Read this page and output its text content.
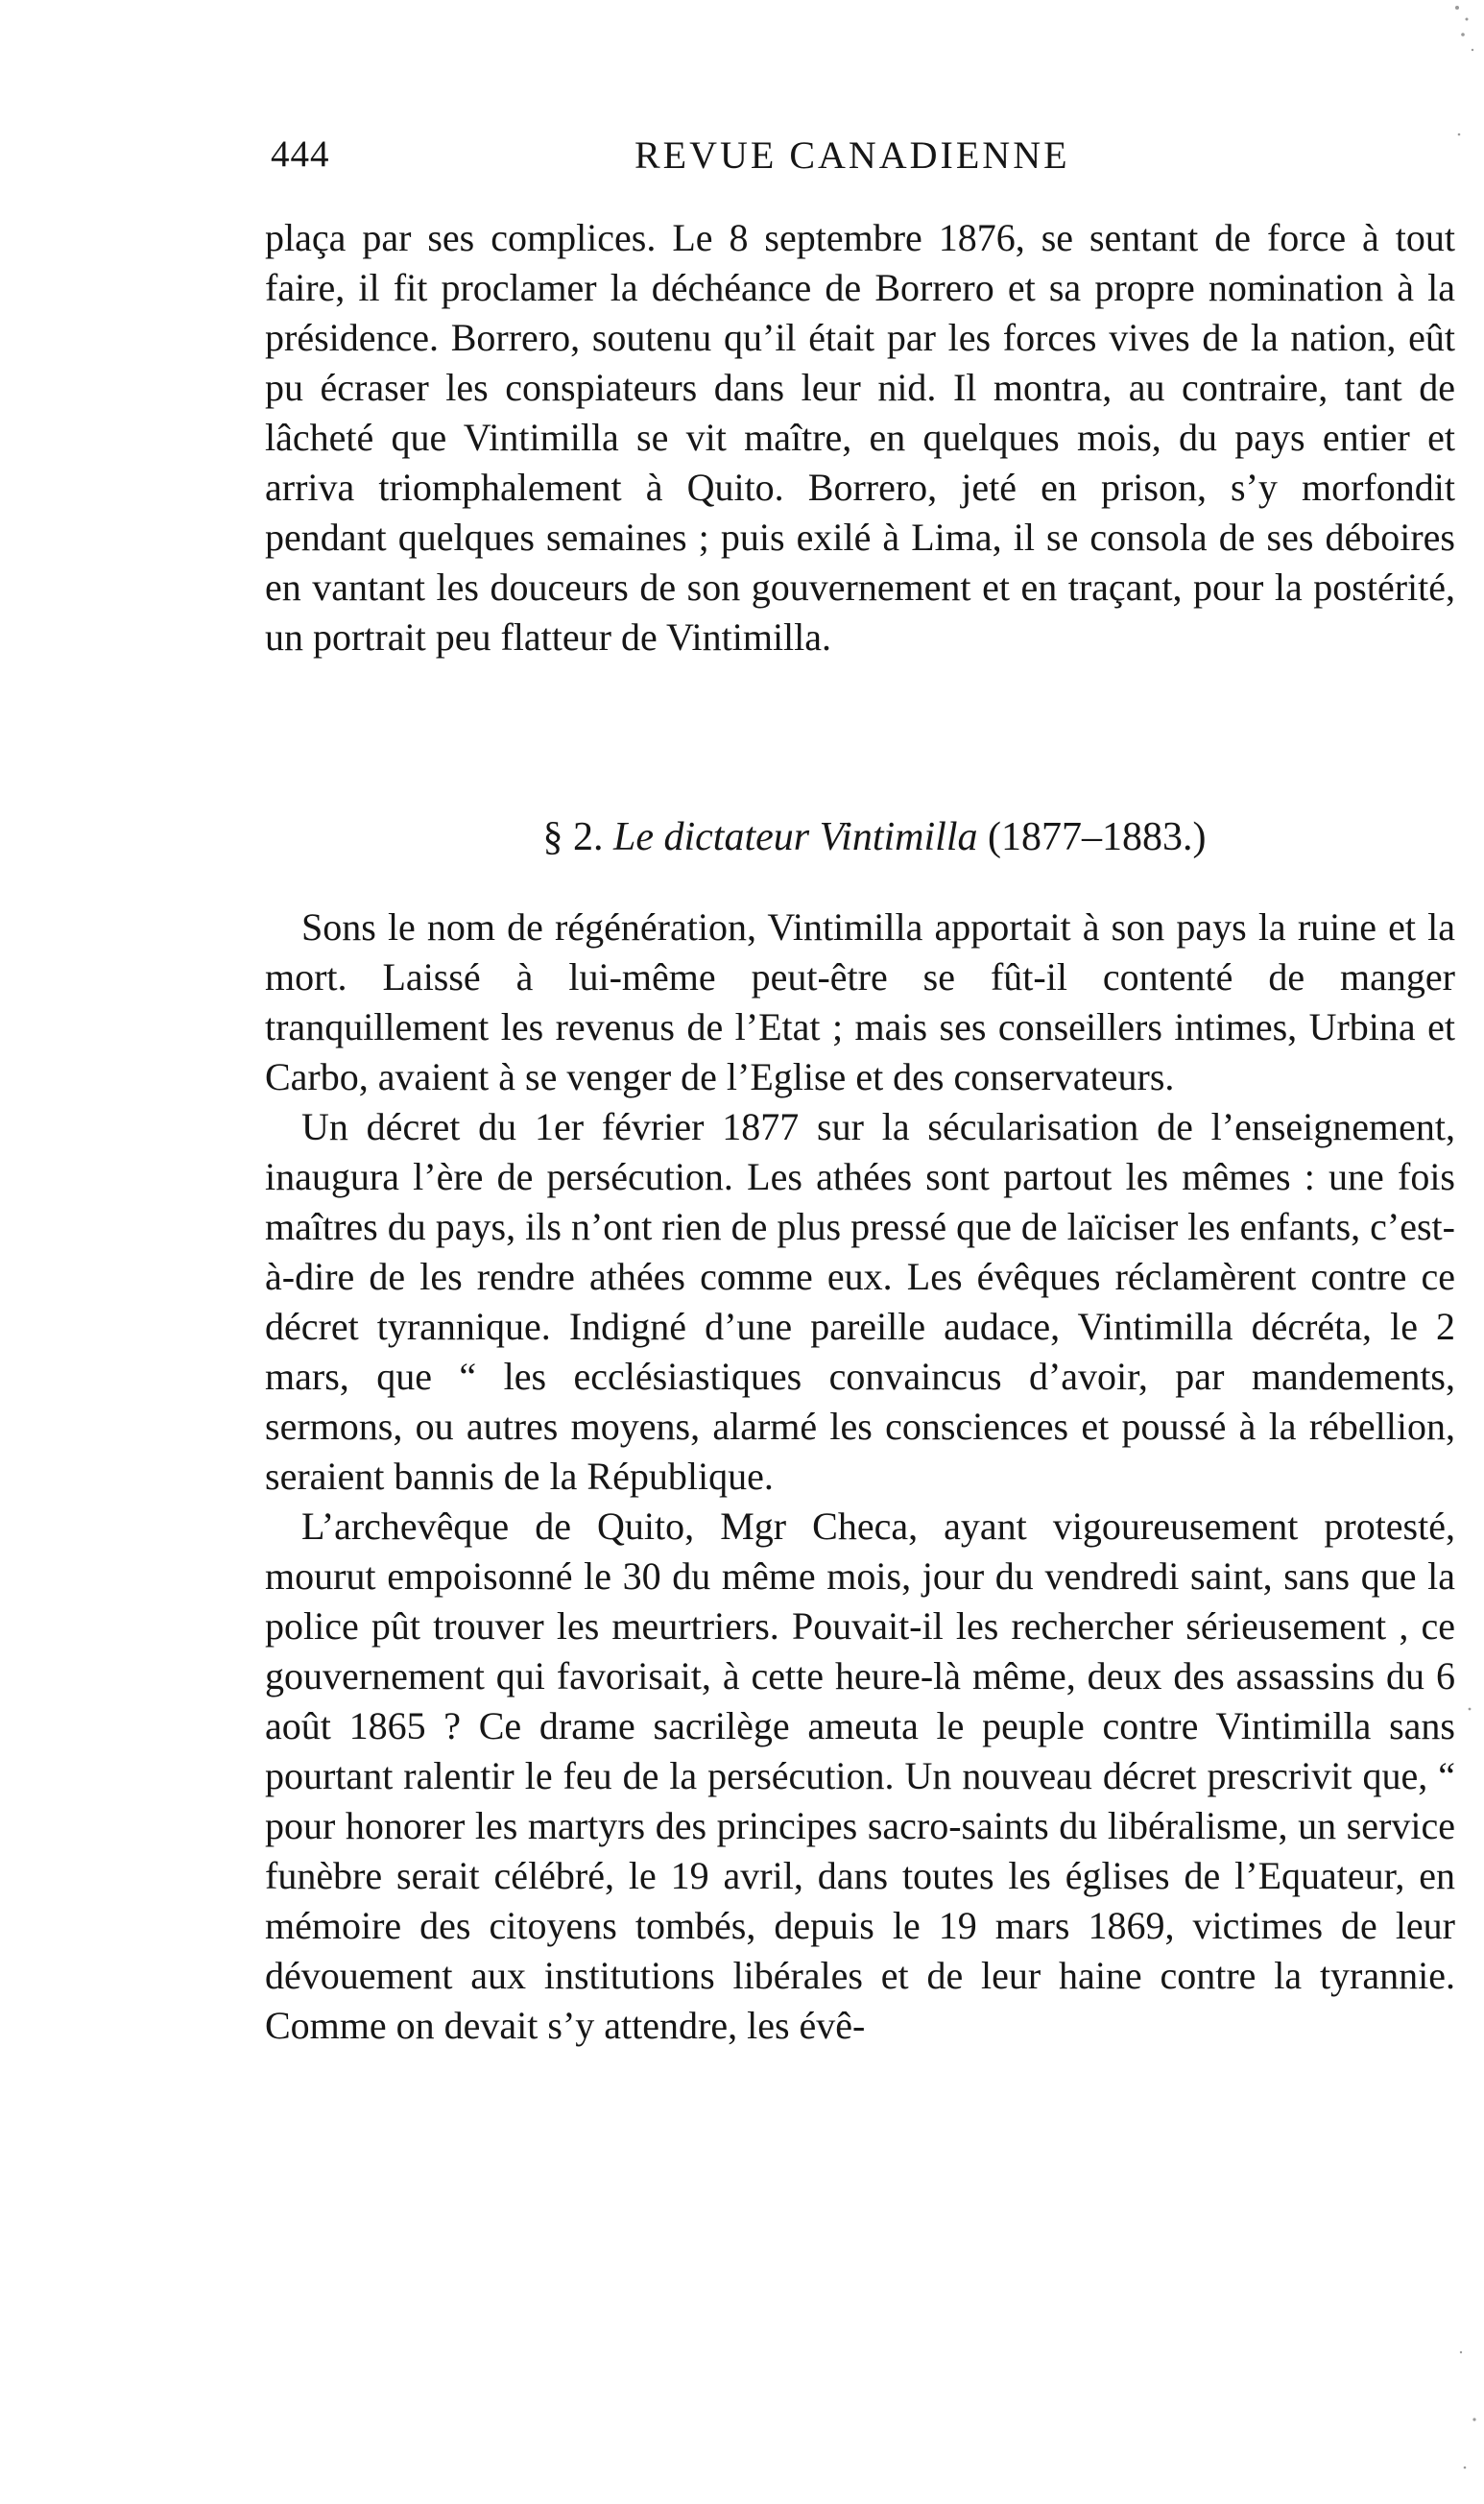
444	REVUE CANADIENNE

plaça par ses complices. Le 8 septembre 1876, se sentant de force à tout faire, il fit proclamer la déchéance de Borrero et sa propre nomination à la présidence. Borrero, soutenu qu’il était par les forces vives de la nation, eût pu écraser les conspiateurs dans leur nid. Il montra, au contraire, tant de lâcheté que Vintimilla se vit maître, en quelques mois, du pays entier et arriva triomphalement à Quito. Borrero, jeté en prison, s’y morfondit pendant quelques semaines ; puis exilé à Lima, il se consola de ses déboires en vantant les douceurs de son gouvernement et en traçant, pour la postérité, un portrait peu flatteur de Vintimilla.

§ 2. Le dictateur Vintimilla (1877–1883.)

Sons le nom de régénération, Vintimilla apportait à son pays la ruine et la mort. Laissé à lui-même peut-être se fût-il contenté de manger tranquillement les revenus de l’Etat ; mais ses conseillers intimes, Urbina et Carbo, avaient à se venger de l’Eglise et des conservateurs.

Un décret du 1er février 1877 sur la sécularisation de l’enseignement, inaugura l’ère de persécution. Les athées sont partout les mêmes : une fois maîtres du pays, ils n’ont rien de plus pressé que de laïciser les enfants, c’est-à-dire de les rendre athées comme eux. Les évêques réclamèrent contre ce décret tyrannique. Indigné d’une pareille audace, Vintimilla décréta, le 2 mars, que “ les ecclésiastiques convaincus d’avoir, par mandements, sermons, ou autres moyens, alarmé les consciences et poussé à la rébellion, seraient bannis de la République.

L’archevêque de Quito, Mgr Checa, ayant vigoureusement protesté, mourut empoisonné le 30 du même mois, jour du vendredi saint, sans que la police pût trouver les meurtriers. Pouvait-il les rechercher sérieusement , ce gouvernement qui favorisait, à cette heure-là même, deux des assassins du 6 août 1865 ? Ce drame sacrilège ameuta le peuple contre Vintimilla sans pourtant ralentir le feu de la persécution. Un nouveau décret prescrivit que, “ pour honorer les martyrs des principes sacro-saints du libéralisme, un service funèbre serait célébré, le 19 avril, dans toutes les églises de l’Equateur, en mémoire des citoyens tombés, depuis le 19 mars 1869, victimes de leur dévouement aux institutions libérales et de leur haine contre la tyrannie. Comme on devait s’y attendre, les évê-
